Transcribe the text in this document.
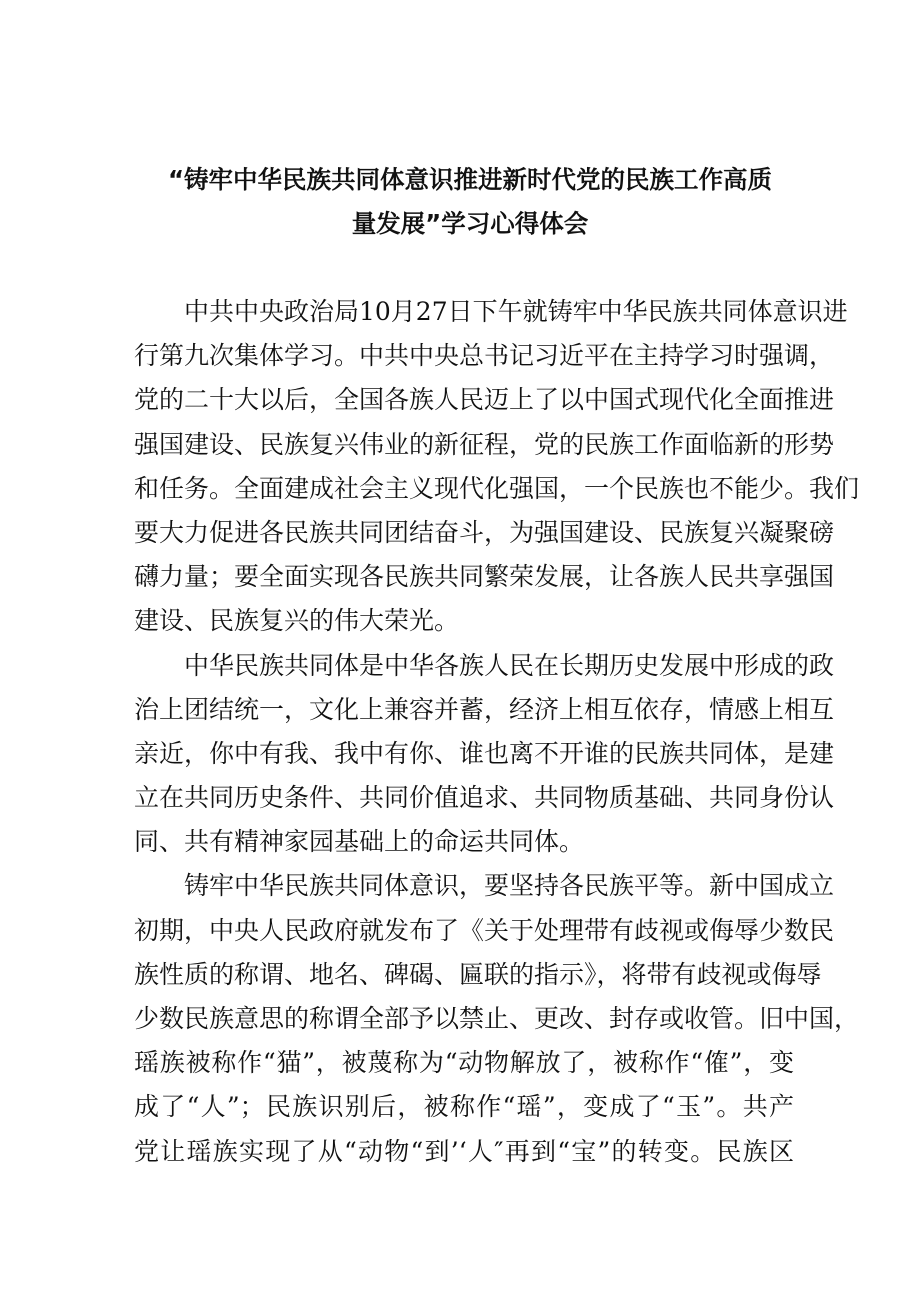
“铸牢中华民族共同体意识推进新时代党的民族工作高质
量发展”学习心得体会
中共中央政治局10月27日下午就铸牢中华民族共同体意识进
行第九次集体学习。中共中央总书记习近平在主持学习时强调，
党的二十大以后，全国各族人民迈上了以中国式现代化全面推进
强国建设、民族复兴伟业的新征程，党的民族工作面临新的形势
和任务。全面建成社会主义现代化强国，一个民族也不能少。我们
要大力促进各民族共同团结奋斗，为强国建设、民族复兴凝聚磅
礴力量；要全面实现各民族共同繁荣发展，让各族人民共享强国
建设、民族复兴的伟大荣光。
中华民族共同体是中华各族人民在长期历史发展中形成的政
治上团结统一，文化上兼容并蓄，经济上相互依存，情感上相互
亲近，你中有我、我中有你、谁也离不开谁的民族共同体，是建
立在共同历史条件、共同价值追求、共同物质基础、共同身份认
同、共有精神家园基础上的命运共同体。
铸牢中华民族共同体意识，要坚持各民族平等。新中国成立
初期，中央人民政府就发布了《关于处理带有歧视或侮辱少数民
族性质的称谓、地名、碑碣、匾联的指示》，将带有歧视或侮辱
少数民族意思的称谓全部予以禁止、更改、封存或收管。旧中国，
瑶族被称作“猫”，被蔑称为“动物解放了，被称作“傕”，变
成了“人”；民族识别后，被称作“瑶”，变成了“玉”。共产
党让瑶族实现了从“动物“到’‘人″再到“宝”的转变。民族区
